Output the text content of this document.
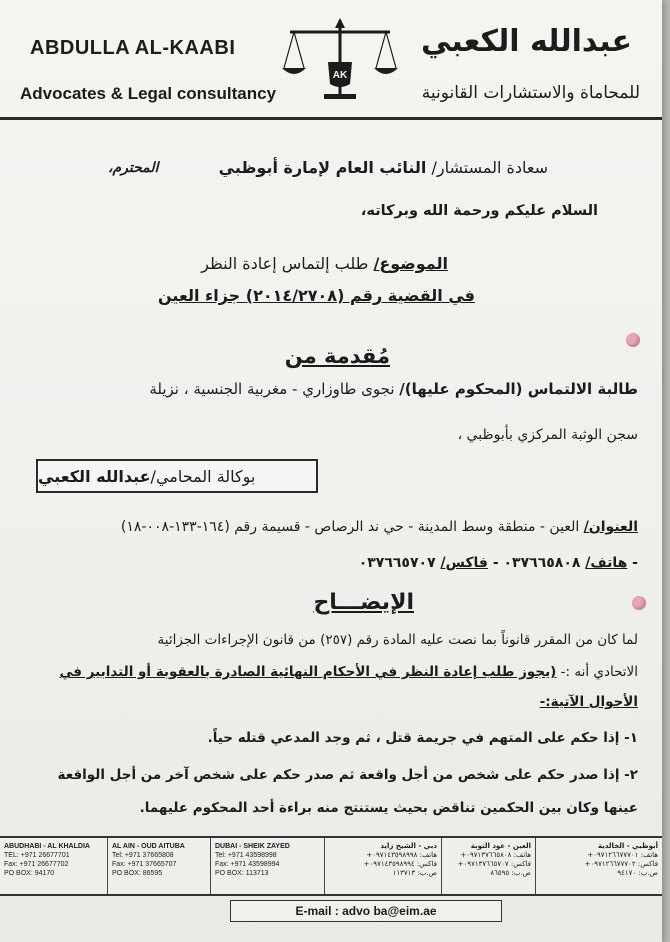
ABDULLA AL-KAABI
Advocates & Legal consultancy
عبدالله الكعبي
للمحاماة والاستشارات القانونية
AK
سعادة المستشار/ النائب العام لإمارة أبوظبي
المحترم،
السلام عليكم ورحمة الله وبركاته،
الموضوع/ طلب إلتماس إعادة النظر
في القضية رقم (٢٠١٤/٢٧٠٨) جزاء العين
مُقدمة من
طالبة الالتماس (المحكوم عليها)/ نجوى طاوزاري - مغربية الجنسية ، نزيلة
سجن الوثبة المركزي بأبوظبي ،
بوكالة المحامي/
عبدالله الكعبي
العنوان/ العين - منطقة وسط المدينة - حي ند الرصاص - قسيمة رقم (١٦٤-١٣٣-٠٠٨-١٨)
- هاتف/ ٠٣٧٦٦٥٨٠٨ - فاكس/ ٠٣٧٦٦٥٧٠٧
الإيضـــاح
لما كان من المقرر قانوناً بما نصت عليه المادة رقم (٢٥٧) من قانون الإجراءات الجزائية
الاتحادي أنه :- (يجوز طلب إعادة النظر في الأحكام النهائية الصادرة بالعقوبة أو التدابير في
الأحوال الآتية:-
١- إذا حكم على المتهم في جريمة قتل ، ثم وجد المدعي قتله حياً.
٢- إذا صدر حكم على شخص من أجل واقعة ثم صدر حكم على شخص آخر من أجل الواقعة
عينها وكان بين الحكمين تناقض بحيث يستنتج منه براءة أحد المحكوم عليهما.
ABUDHABI - AL KHALDIA
TEL: +971 26677701
Fax: +971 26677702
PO BOX: 94170
AL AIN - OUD AITUBA
Tel: +971 37665808
Fax: +971 37665707
PO BOX: 86595
DUBAI - SHEIK ZAYED
Tel: +971 43598998
Fax: +971 43598994
PO BOX: 113713
دبي - الشيخ زايد
هاتف: ٠٩٧١٤٣٥٩٨٩٩٨+
فاكس: ٠٩٧١٤٣٥٩٨٩٩٤+
ص.ب: ١١٣٧١٣
العين - عود التوبة
هاتف: ٠٩٧١٣٧٦٦٥٨٠٨+
فاكس: ٠٩٧١٣٧٦٦٥٧٠٧+
ص.ب: ٨٦٥٩٥
أبوظبي - الخالدية
هاتف: ٠٩٧١٢٦٦٧٧٧٠١+
فاكس: ٠٩٧١٢٦٦٧٧٧٠٢+
ص.ب: ٩٤١٧٠
E-mail : advo ba@eim.ae
